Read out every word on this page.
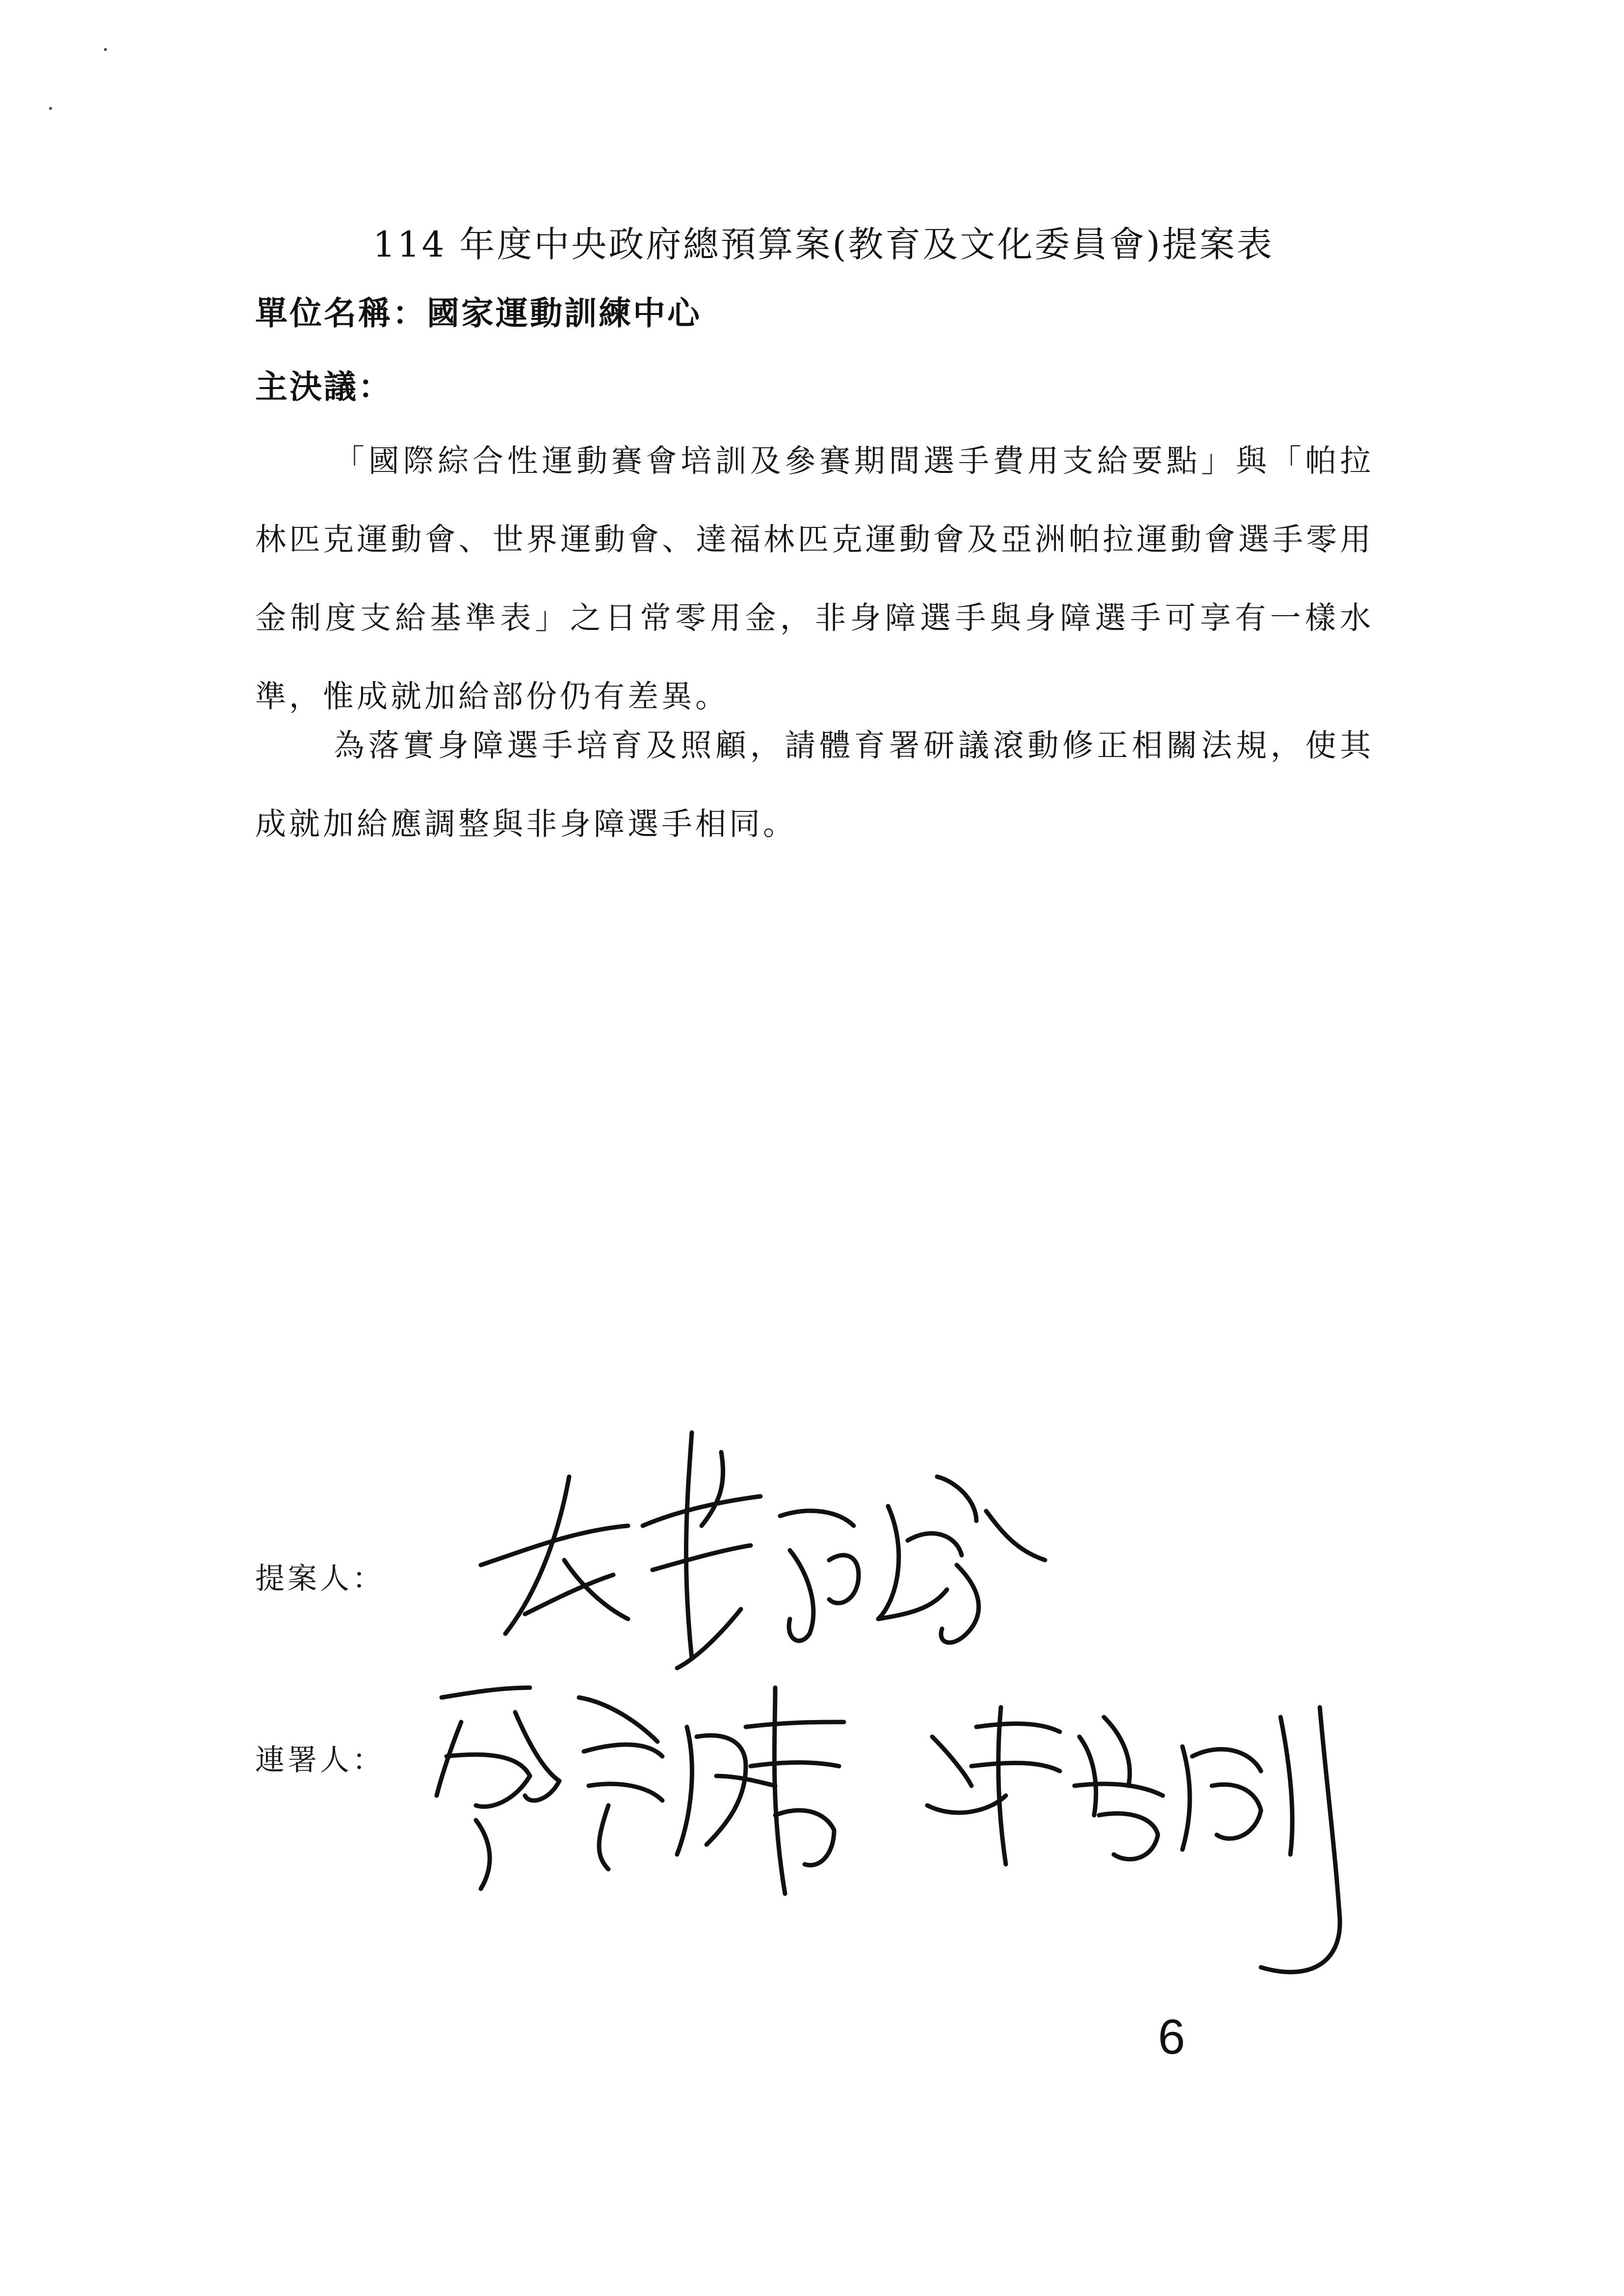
114 年度中央政府總預算案(教育及文化委員會)提案表
單位名稱：國家運動訓練中心
主決議：
「國際綜合性運動賽會培訓及參賽期間選手費用支給要點」與「帕拉林匹克運動會、世界運動會、達福林匹克運動會及亞洲帕拉運動會選手零用金制度支給基準表」之日常零用金，非身障選手與身障選手可享有一樣水準，惟成就加給部份仍有差異。
為落實身障選手培育及照顧，請體育署研議滾動修正相關法規，使其成就加給應調整與非身障選手相同。
提案人：
連署人：
6
